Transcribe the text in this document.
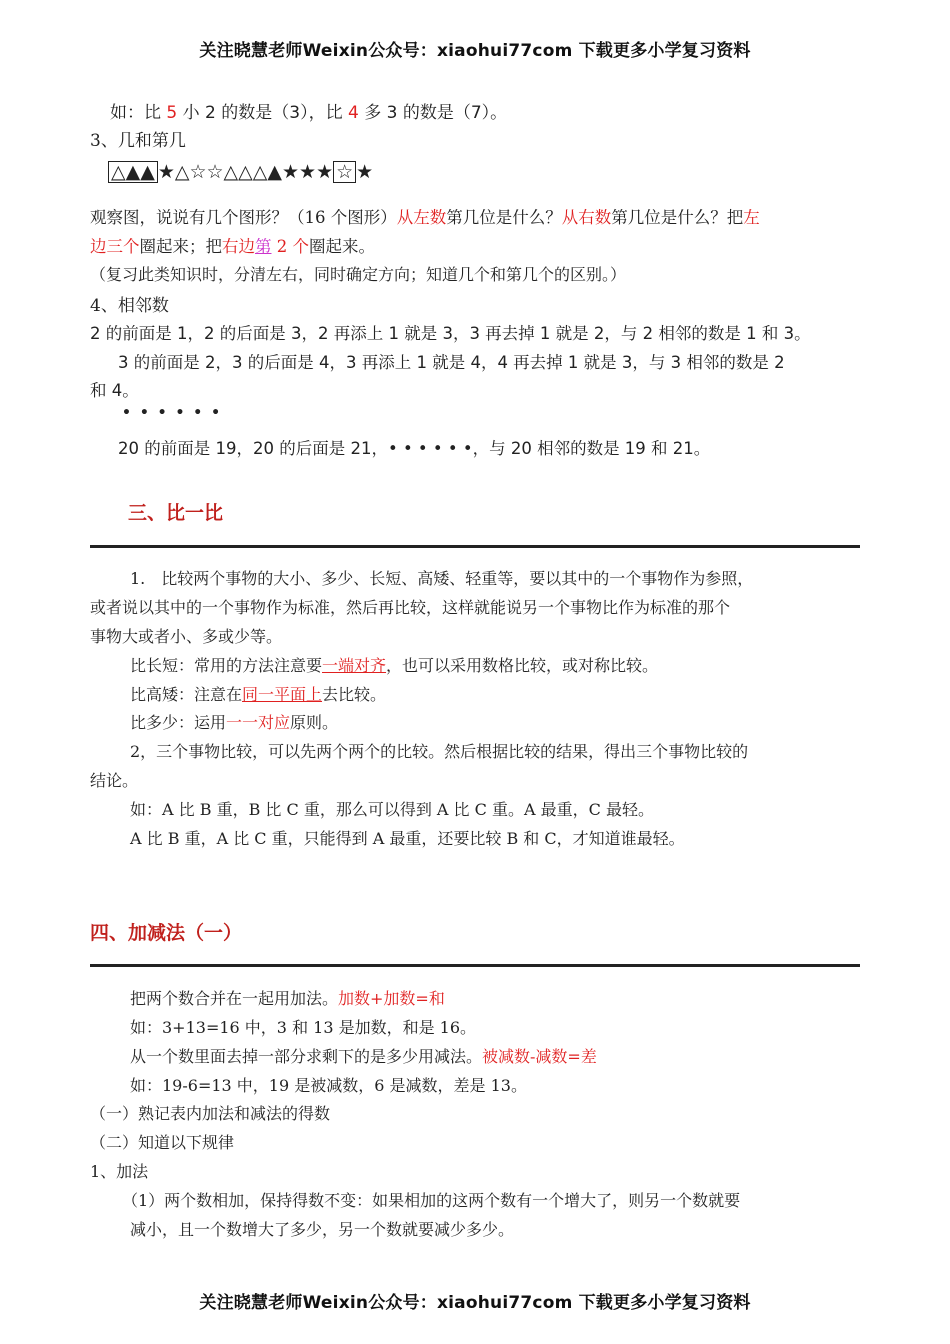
关注晓慧老师Weixin公众号：xiaohui77com 下载更多小学复习资料
如：比 5 小 2 的数是（3），比 4 多 3 的数是（7）。
3、几和第几
△▲▲ ★△☆☆△△△▲★★★ ☆ ★
观察图，说说有几个图形？（16 个图形）从左数第几位是什么？从右数第几位是什么？把左
边三个圈起来；把右边第 2 个圈起来。
（复习此类知识时，分清左右，同时确定方向；知道几个和第几个的区别。）
4、相邻数
2 的前面是 1，2 的后面是 3，2 再添上 1 就是 3，3 再去掉 1 就是 2，与 2 相邻的数是 1 和 3。
3 的前面是 2，3 的后面是 4，3 再添上 1 就是 4，4 再去掉 1 就是 3，与 3 相邻的数是 2
和 4。
• • • • • •
20 的前面是 19，20 的后面是 21，• • • • • •，与 20 相邻的数是 19 和 21。
三、比一比
1.　比较两个事物的大小、多少、长短、高矮、轻重等，要以其中的一个事物作为参照，
或者说以其中的一个事物作为标准，然后再比较，这样就能说另一个事物比作为标准的那个
事物大或者小、多或少等。
比长短：常用的方法注意要一端对齐，也可以采用数格比较，或对称比较。
比高矮：注意在同一平面上去比较。
比多少：运用一一对应原则。
2，三个事物比较，可以先两个两个的比较。然后根据比较的结果，得出三个事物比较的
结论。
如：A 比 B 重，B 比 C 重，那么可以得到 A 比 C 重。A 最重，C 最轻。
A 比 B 重，A 比 C 重，只能得到 A 最重，还要比较 B 和 C，才知道谁最轻。
四、加减法（一）
把两个数合并在一起用加法。加数+加数=和
如：3+13=16 中，3 和 13 是加数，和是 16。
从一个数里面去掉一部分求剩下的是多少用减法。被减数-减数=差
如：19-6=13 中，19 是被减数，6 是减数，差是 13。
（一）熟记表内加法和减法的得数
（二）知道以下规律
1、加法
（1）两个数相加，保持得数不变：如果相加的这两个数有一个增大了，则另一个数就要
减小，且一个数增大了多少，另一个数就要减少多少。
关注晓慧老师Weixin公众号：xiaohui77com 下载更多小学复习资料
